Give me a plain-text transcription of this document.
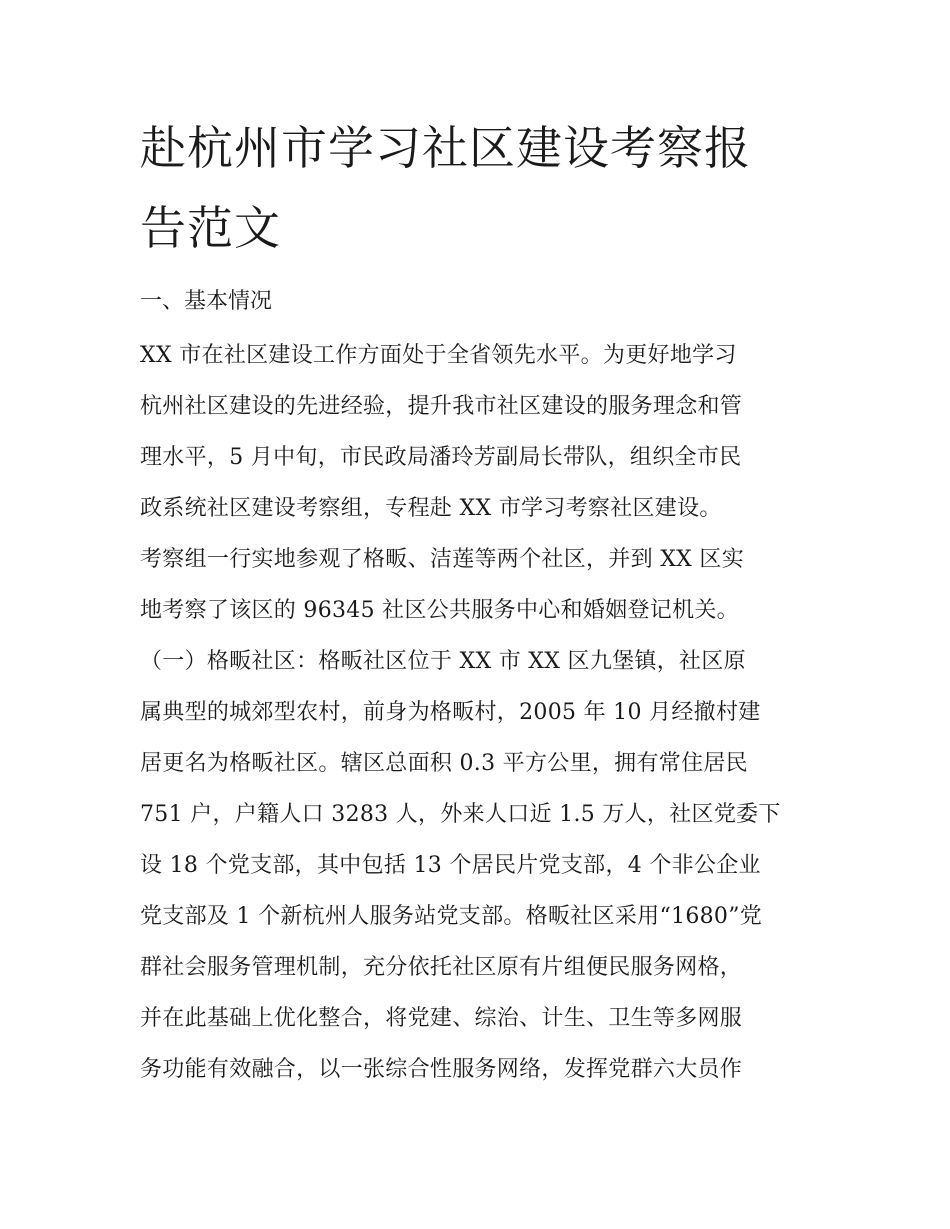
赴杭州市学习社区建设考察报
告范文
一、基本情况
XX 市在社区建设工作方面处于全省领先水平。为更好地学习
杭州社区建设的先进经验，提升我市社区建设的服务理念和管
理水平，5 月中旬，市民政局潘玲芳副局长带队，组织全市民
政系统社区建设考察组，专程赴 XX 市学习考察社区建设。
考察组一行实地参观了格畈、洁莲等两个社区，并到 XX 区实
地考察了该区的 96345 社区公共服务中心和婚姻登记机关。
（一）格畈社区：格畈社区位于 XX 市 XX 区九堡镇，社区原
属典型的城郊型农村，前身为格畈村，2005 年 10 月经撤村建
居更名为格畈社区。辖区总面积 0.3 平方公里，拥有常住居民
751 户，户籍人口 3283 人，外来人口近 1.5 万人，社区党委下
设 18 个党支部，其中包括 13 个居民片党支部，4 个非公企业
党支部及 1 个新杭州人服务站党支部。格畈社区采用“1680”党
群社会服务管理机制，充分依托社区原有片组便民服务网格，
并在此基础上优化整合，将党建、综治、计生、卫生等多网服
务功能有效融合，以一张综合性服务网络，发挥党群六大员作
